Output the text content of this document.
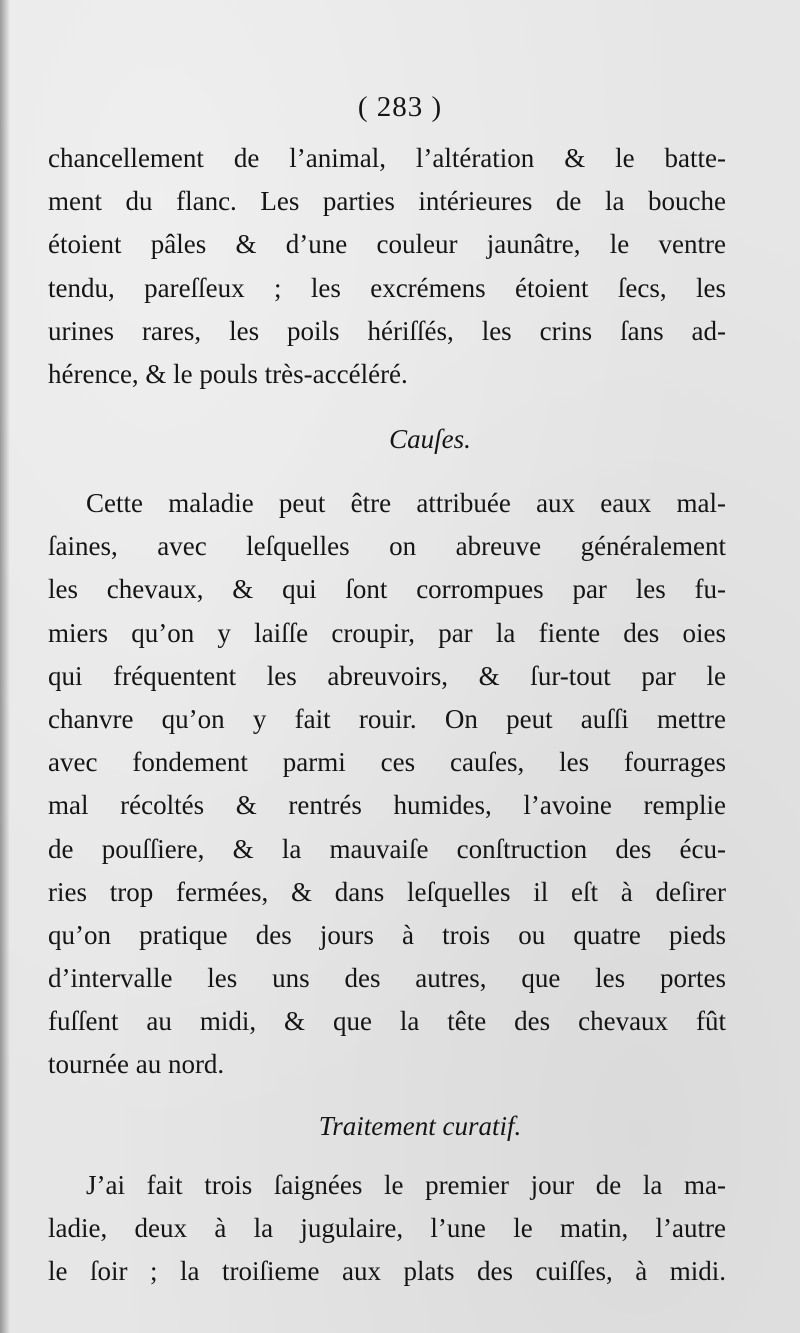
( 283 )
chancellement de l’animal, l’altération & le batte-
ment du flanc. Les parties intérieures de la bouche
étoient pâles & d’une couleur jaunâtre, le ventre
tendu, pareſſeux ; les excrémens étoient ſecs, les
urines rares, les poils hériſſés, les crins ſans ad-
hérence, & le pouls très-accéléré.
Cauſes.
Cette maladie peut être attribuée aux eaux mal-
ſaines, avec leſquelles on abreuve généralement
les chevaux, & qui ſont corrompues par les fu-
miers qu’on y laiſſe croupir, par la fiente des oies
qui fréquentent les abreuvoirs, & ſur-tout par le
chanvre qu’on y fait rouir. On peut auſſi mettre
avec fondement parmi ces cauſes, les fourrages
mal récoltés & rentrés humides, l’avoine remplie
de pouſſiere, & la mauvaiſe conſtruction des écu-
ries trop fermées, & dans leſquelles il eſt à deſirer
qu’on pratique des jours à trois ou quatre pieds
d’intervalle les uns des autres, que les portes
fuſſent au midi, & que la tête des chevaux fût
tournée au nord.
Traitement curatif.
J’ai fait trois ſaignées le premier jour de la ma-
ladie, deux à la jugulaire, l’une le matin, l’autre
le ſoir ; la troiſieme aux plats des cuiſſes, à midi.
